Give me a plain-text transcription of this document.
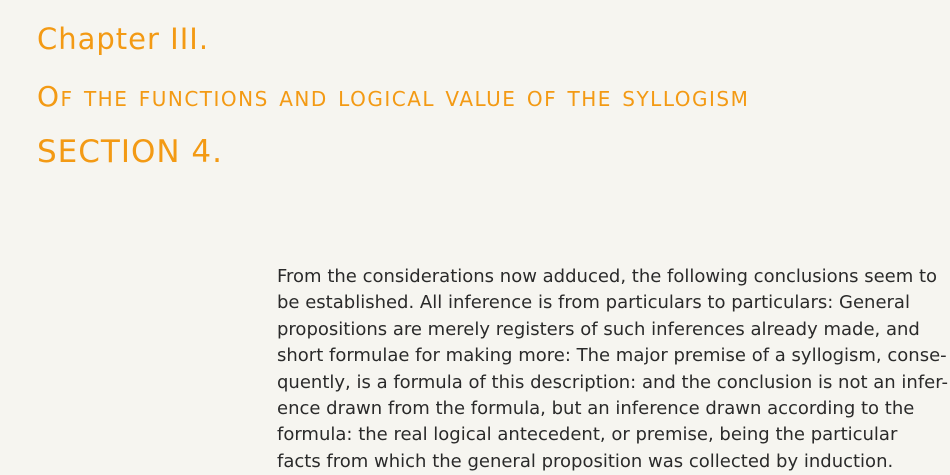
Chapter III.
Of the functions and logical value of the syllogism
SECTION 4.

From the considerations now adduced, the following conclusions seem to
be established. All inference is from particulars to particulars: General
propositions are merely registers of such inferences already made, and
short formulae for making more: The major premise of a syllogism, conse-
quently, is a formula of this description: and the conclusion is not an infer-
ence drawn from the formula, but an inference drawn according to the
formula: the real logical antecedent, or premise, being the particular
facts from which the general proposition was collected by induction.
